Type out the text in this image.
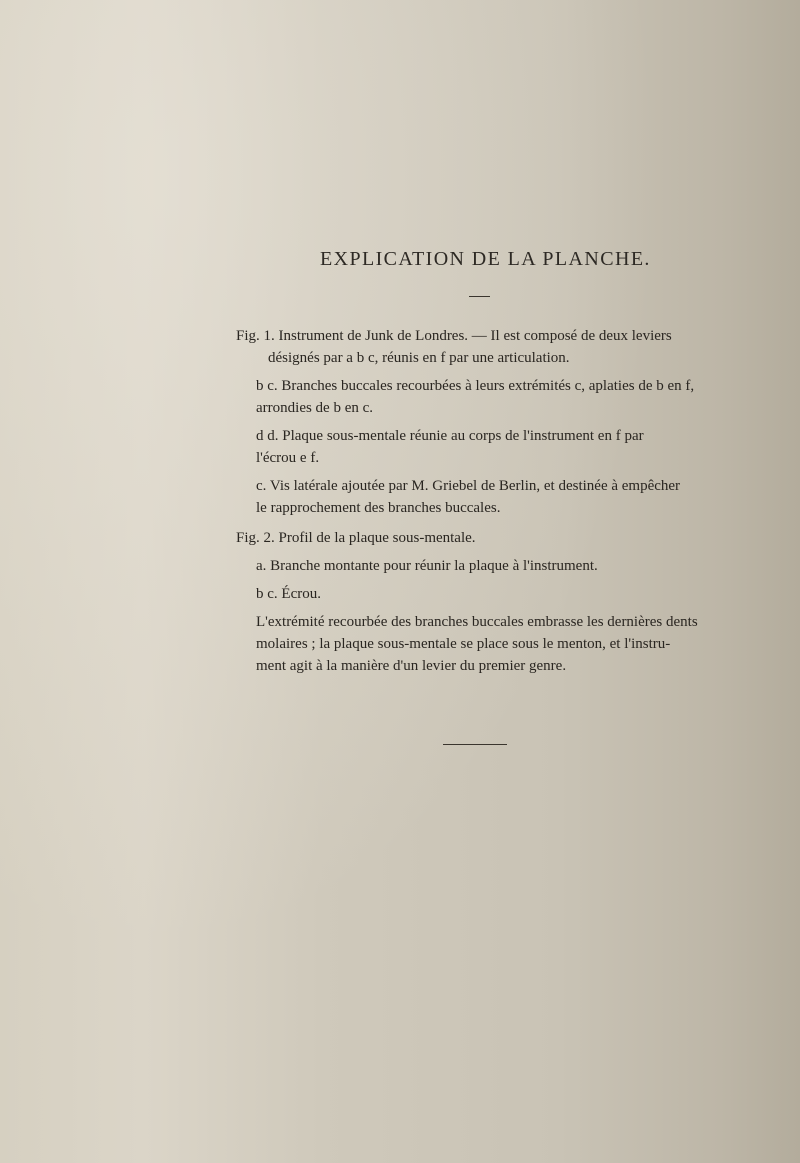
EXPLICATION DE LA PLANCHE.
Fig. 1. Instrument de Junk de Londres. — Il est composé de deux leviers
désignés par a b c, réunis en f par une articulation.
b c. Branches buccales recourbées à leurs extrémités c, aplaties de b en f,
arrondies de b en c.
d d. Plaque sous-mentale réunie au corps de l'instrument en f par
l'écrou e f.
c. Vis latérale ajoutée par M. Griebel de Berlin, et destinée à empêcher
le rapprochement des branches buccales.
Fig. 2. Profil de la plaque sous-mentale.
a. Branche montante pour réunir la plaque à l'instrument.
b c. Écrou.
L'extrémité recourbée des branches buccales embrasse les dernières dents
molaires ; la plaque sous-mentale se place sous le menton, et l'instru-
ment agit à la manière d'un levier du premier genre.
